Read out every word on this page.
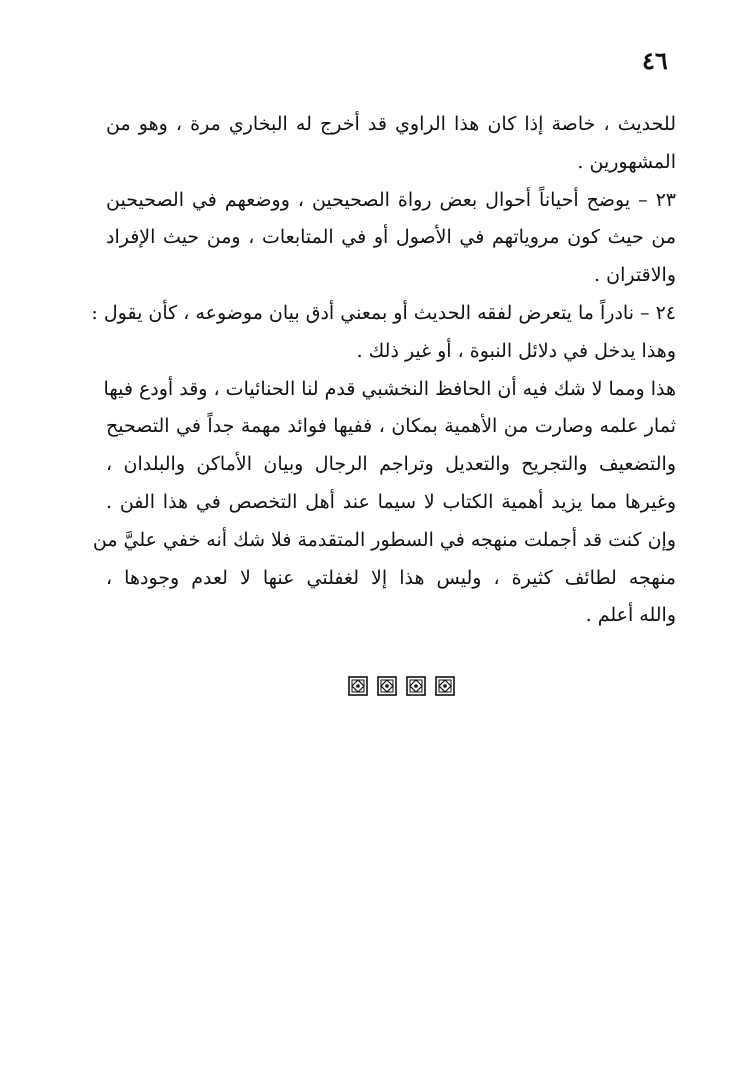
٤٦
للحديث ، خاصة إذا كان هذا الراوي قد أخرج له البخاري مرة ، وهو من
المشهورين .
٢٣ – يوضح أحياناً أحوال بعض رواة الصحيحين ، ووضعهم في الصحيحين
من حيث كون مروياتهم في الأصول أو في المتابعات ، ومن حيث الإفراد
والاقتران .
٢٤ – نادراً ما يتعرض لفقه الحديث أو بمعني أدق بيان موضوعه ، كأن يقول :
وهذا يدخل في دلائل النبوة ، أو غير ذلك .
هذا ومما لا شك فيه أن الحافظ النخشبي قدم لنا الحنائيات ، وقد أودع فيها
ثمار علمه وصارت من الأهمية بمكان ، ففيها فوائد مهمة جداً في التصحيح
والتضعيف والتجريح والتعديل وتراجم الرجال وبيان الأماكن والبلدان ،
وغيرها مما يزيد أهمية الكتاب لا سيما عند أهل التخصص في هذا الفن .
وإن كنت قد أجملت منهجه في السطور المتقدمة فلا شك أنه خفي عليَّ من
منهجه لطائف كثيرة ، وليس هذا إلا لغفلتي عنها لا لعدم وجودها ،
والله أعلم .
